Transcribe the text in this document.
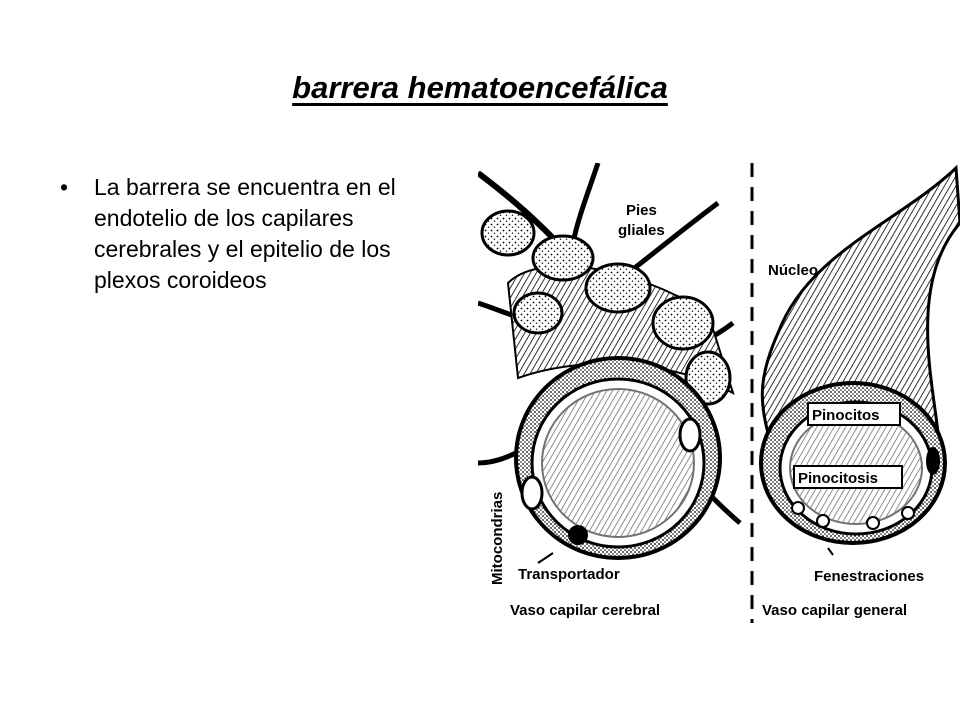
barrera hematoencefálica
•	La barrera se encuentra en el endotelio de los capilares cerebrales y el epitelio de los plexos coroideos
Pies
gliales
Núcleo
Pinocitos
Pinocitosis
Mitocondrias Transportador	Fenestraciones
Vaso capilar cerebral	Vaso capilar general
